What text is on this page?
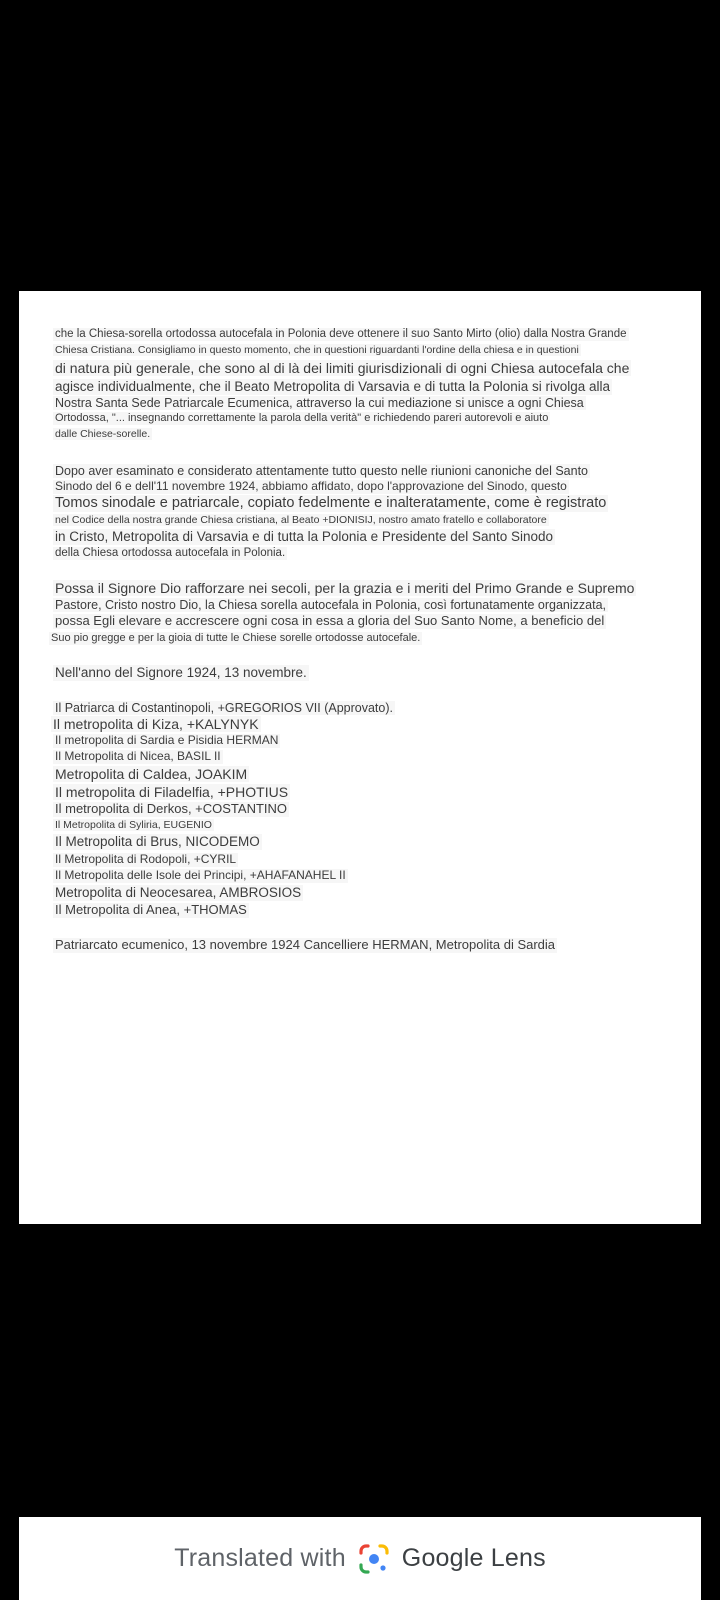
che la Chiesa-sorella ortodossa autocefala in Polonia deve ottenere il suo Santo Mirto (olio) dalla Nostra Grande
Chiesa Cristiana. Consigliamo in questo momento, che in questioni riguardanti l'ordine della chiesa e in questioni
di natura più generale, che sono al di là dei limiti giurisdizionali di ogni Chiesa autocefala che
agisce individualmente, che il Beato Metropolita di Varsavia e di tutta la Polonia si rivolga alla
Nostra Santa Sede Patriarcale Ecumenica, attraverso la cui mediazione si unisce a ogni Chiesa
Ortodossa, "... insegnando correttamente la parola della verità" e richiedendo pareri autorevoli e aiuto
dalle Chiese-sorelle.
Dopo aver esaminato e considerato attentamente tutto questo nelle riunioni canoniche del Santo
Sinodo del 6 e dell'11 novembre 1924, abbiamo affidato, dopo l'approvazione del Sinodo, questo
Tomos sinodale e patriarcale, copiato fedelmente e inalteratamente, come è registrato
nel Codice della nostra grande Chiesa cristiana, al Beato +DIONISIJ, nostro amato fratello e collaboratore
in Cristo, Metropolita di Varsavia e di tutta la Polonia e Presidente del Santo Sinodo
della Chiesa ortodossa autocefala in Polonia.
Possa il Signore Dio rafforzare nei secoli, per la grazia e i meriti del Primo Grande e Supremo
Pastore, Cristo nostro Dio, la Chiesa sorella autocefala in Polonia, così fortunatamente organizzata,
possa Egli elevare e accrescere ogni cosa in essa a gloria del Suo Santo Nome, a beneficio del
Suo pio gregge e per la gioia di tutte le Chiese sorelle ortodosse autocefale.
Nell'anno del Signore 1924, 13 novembre.
Il Patriarca di Costantinopoli, +GREGORIOS VII (Approvato).
Il metropolita di Kiza, +KALYNYK
Il metropolita di Sardia e Pisidia HERMAN
Il Metropolita di Nicea, BASIL II
Metropolita di Caldea, JOAKIM
Il metropolita di Filadelfia, +PHOTIUS
Il metropolita di Derkos, +COSTANTINO
Il Metropolita di Syliria, EUGENIO
Il Metropolita di Brus, NICODEMO
Il Metropolita di Rodopoli, +CYRIL
Il Metropolita delle Isole dei Principi, +AHAFANAHEL II
Metropolita di Neocesarea, AMBROSIOS
Il Metropolita di Anea, +THOMAS
Patriarcato ecumenico, 13 novembre 1924 Cancelliere HERMAN, Metropolita di Sardia
Translated with Google Lens
